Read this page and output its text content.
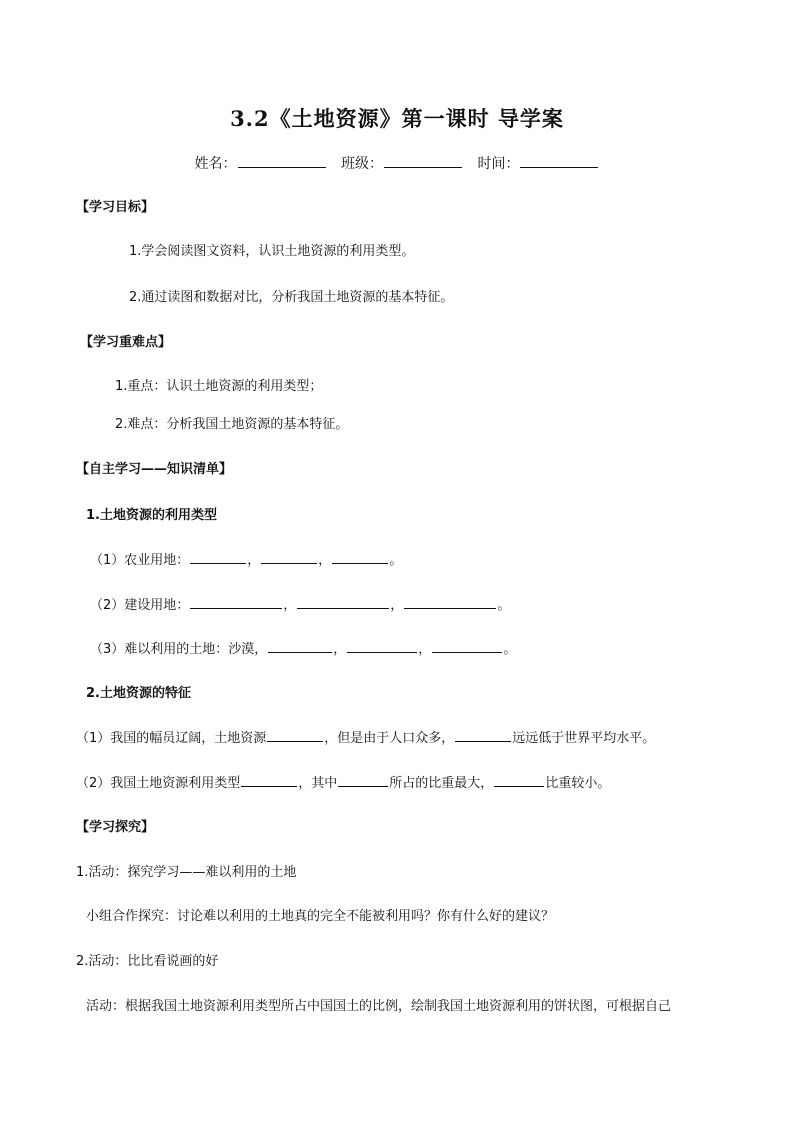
3.2《土地资源》第一课时 导学案
姓名：	班级：	时间：
【学习目标】
1.学会阅读图文资料，认识土地资源的利用类型。
2.通过读图和数据对比，分析我国土地资源的基本特征。
【学习重难点】
1.重点：认识土地资源的利用类型；
2.难点：分析我国土地资源的基本特征。
【自主学习——知识清单】
1.土地资源的利用类型
（1）农业用地：	，	，	。
（2）建设用地：	，	，	。
（3）难以利用的土地：沙漠，	，	，	。
2.土地资源的特征
（1）我国的幅员辽阔，土地资源	，但是由于人口众多，	远远低于世界平均水平。
（2）我国土地资源利用类型	，其中	所占的比重最大，	比重较小。
【学习探究】
1.活动：探究学习——难以利用的土地
小组合作探究：讨论难以利用的土地真的完全不能被利用吗？你有什么好的建议？
2.活动：比比看说画的好
活动：根据我国土地资源利用类型所占中国国土的比例，绘制我国土地资源利用的饼状图，可根据自己
